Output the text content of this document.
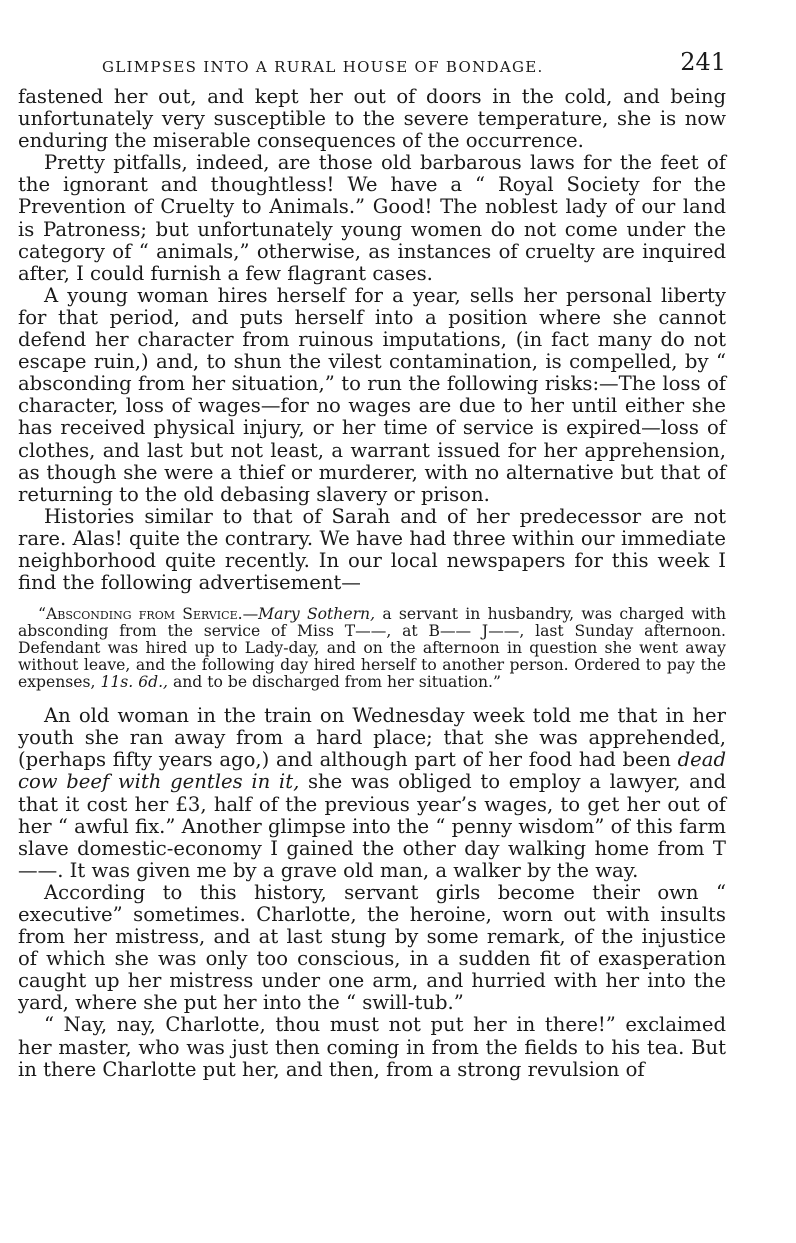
GLIMPSES INTO A RURAL HOUSE OF BONDAGE.	241

fastened her out, and kept her out of doors in the cold, and being unfortunately very susceptible to the severe temperature, she is now enduring the miserable consequences of the occurrence.

Pretty pitfalls, indeed, are those old barbarous laws for the feet of the ignorant and thoughtless! We have a “ Royal Society for the Prevention of Cruelty to Animals.” Good! The noblest lady of our land is Patroness; but unfortunately young women do not come under the category of “ animals,” otherwise, as instances of cruelty are inquired after, I could furnish a few flagrant cases.

A young woman hires herself for a year, sells her personal liberty for that period, and puts herself into a position where she cannot defend her character from ruinous imputations, (in fact many do not escape ruin,) and, to shun the vilest contamination, is compelled, by “ absconding from her situation,” to run the following risks:—The loss of character, loss of wages—for no wages are due to her until either she has received physical injury, or her time of service is expired—loss of clothes, and last but not least, a warrant issued for her apprehension, as though she were a thief or murderer, with no alternative but that of returning to the old debasing slavery or prison.

Histories similar to that of Sarah and of her predecessor are not rare. Alas! quite the contrary. We have had three within our immediate neighborhood quite recently. In our local newspapers for this week I find the following advertisement—

“Absconding from Service.—Mary Sothern, a servant in husbandry, was charged with absconding from the service of Miss T——, at B—— J——, last Sunday afternoon. Defendant was hired up to Lady-day, and on the afternoon in question she went away without leave, and the following day hired herself to another person. Ordered to pay the expenses, 11s. 6d., and to be discharged from her situation.”

An old woman in the train on Wednesday week told me that in her youth she ran away from a hard place; that she was apprehended, (perhaps fifty years ago,) and although part of her food had been dead cow beef with gentles in it, she was obliged to employ a lawyer, and that it cost her £3, half of the previous year’s wages, to get her out of her “ awful fix.” Another glimpse into the “ penny wisdom” of this farm slave domestic-economy I gained the other day walking home from T——. It was given me by a grave old man, a walker by the way.

According to this history, servant girls become their own “ executive” sometimes. Charlotte, the heroine, worn out with insults from her mistress, and at last stung by some remark, of the injustice of which she was only too conscious, in a sudden fit of exasperation caught up her mistress under one arm, and hurried with her into the yard, where she put her into the “ swill-tub.”

“ Nay, nay, Charlotte, thou must not put her in there!” exclaimed her master, who was just then coming in from the fields to his tea. But in there Charlotte put her, and then, from a strong revulsion of
